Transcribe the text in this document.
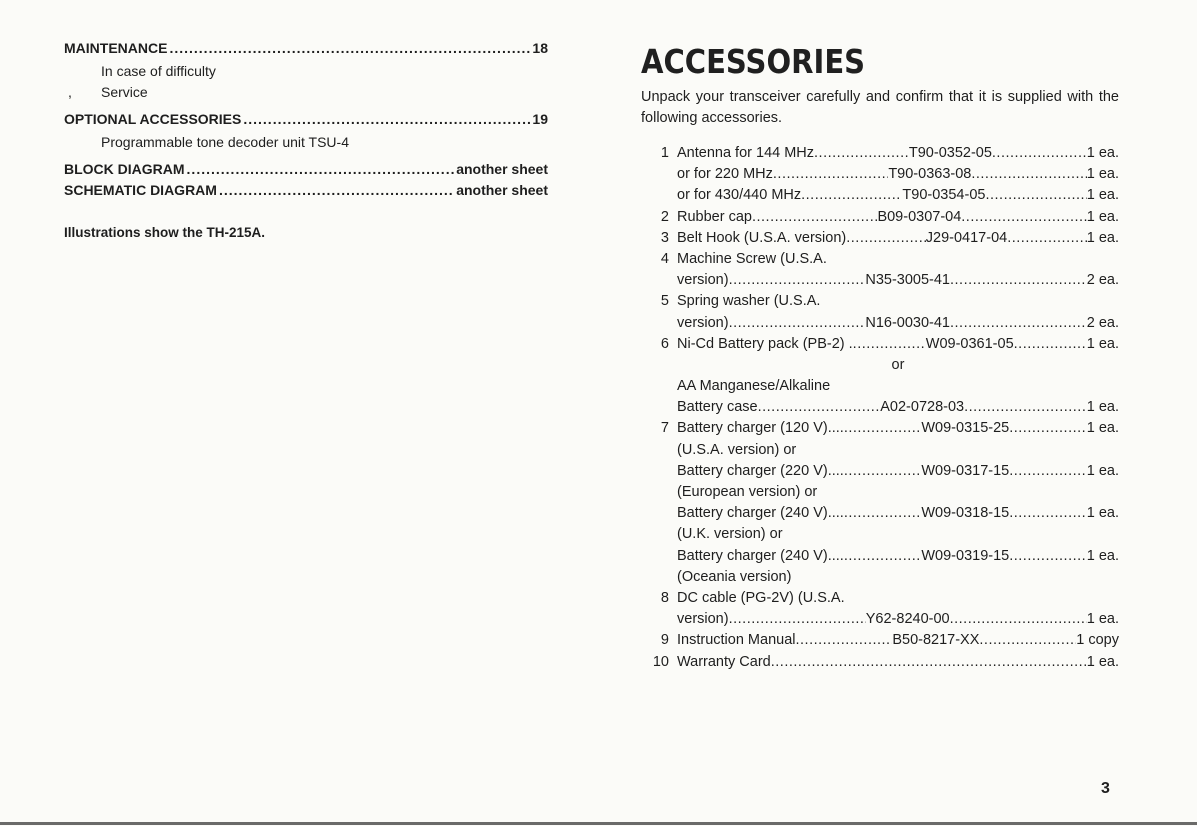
MAINTENANCE .....	18
In case of difficulty
, Service
OPTIONAL ACCESSORIES .....	19
Programmable tone decoder unit TSU-4
BLOCK DIAGRAM .....	another sheet
SCHEMATIC DIAGRAM .....	another sheet
Illustrations show the TH-215A.
ACCESSORIES
Unpack your transceiver carefully and confirm that it is supplied with the following accessories.
1 Antenna for 144 MHz .....	T90-0352-05 .....	1 ea.
or for 220 MHz .....	T90-0363-08 .....	1 ea.
or for 430/440 MHz .....	T90-0354-05 .....	1 ea.
2 Rubber cap .....	B09-0307-04 .....	1 ea.
3 Belt Hook (U.S.A. version) .....	J29-0417-04 .....	1 ea.
4 Machine Screw (U.S.A.
version) .....	N35-3005-41 .....	2 ea.
5 Spring washer (U.S.A.
version) .....	N16-0030-41 .....	2 ea.
6 Ni-Cd Battery pack (PB-2) . .....	W09-0361-05 .....	1 ea.
or
AA Manganese/Alkaline
Battery case .....	A02-0728-03 .....	1 ea.
7 Battery charger (120 V).... .....	W09-0315-25 .....	1 ea.
(U.S.A. version) or
Battery charger (220 V).... .....	W09-0317-15 .....	1 ea.
(European version) or
Battery charger (240 V).... .....	W09-0318-15 .....	1 ea.
(U.K. version) or
Battery charger (240 V).... .....	W09-0319-15 .....	1 ea.
(Oceania version)
8 DC cable (PG-2V) (U.S.A.
version) .....	Y62-8240-00 .....	1 ea.
9 Instruction Manual .....	B50-8217-XX .....	1 copy
10 Warranty Card .....	1 ea.
3
